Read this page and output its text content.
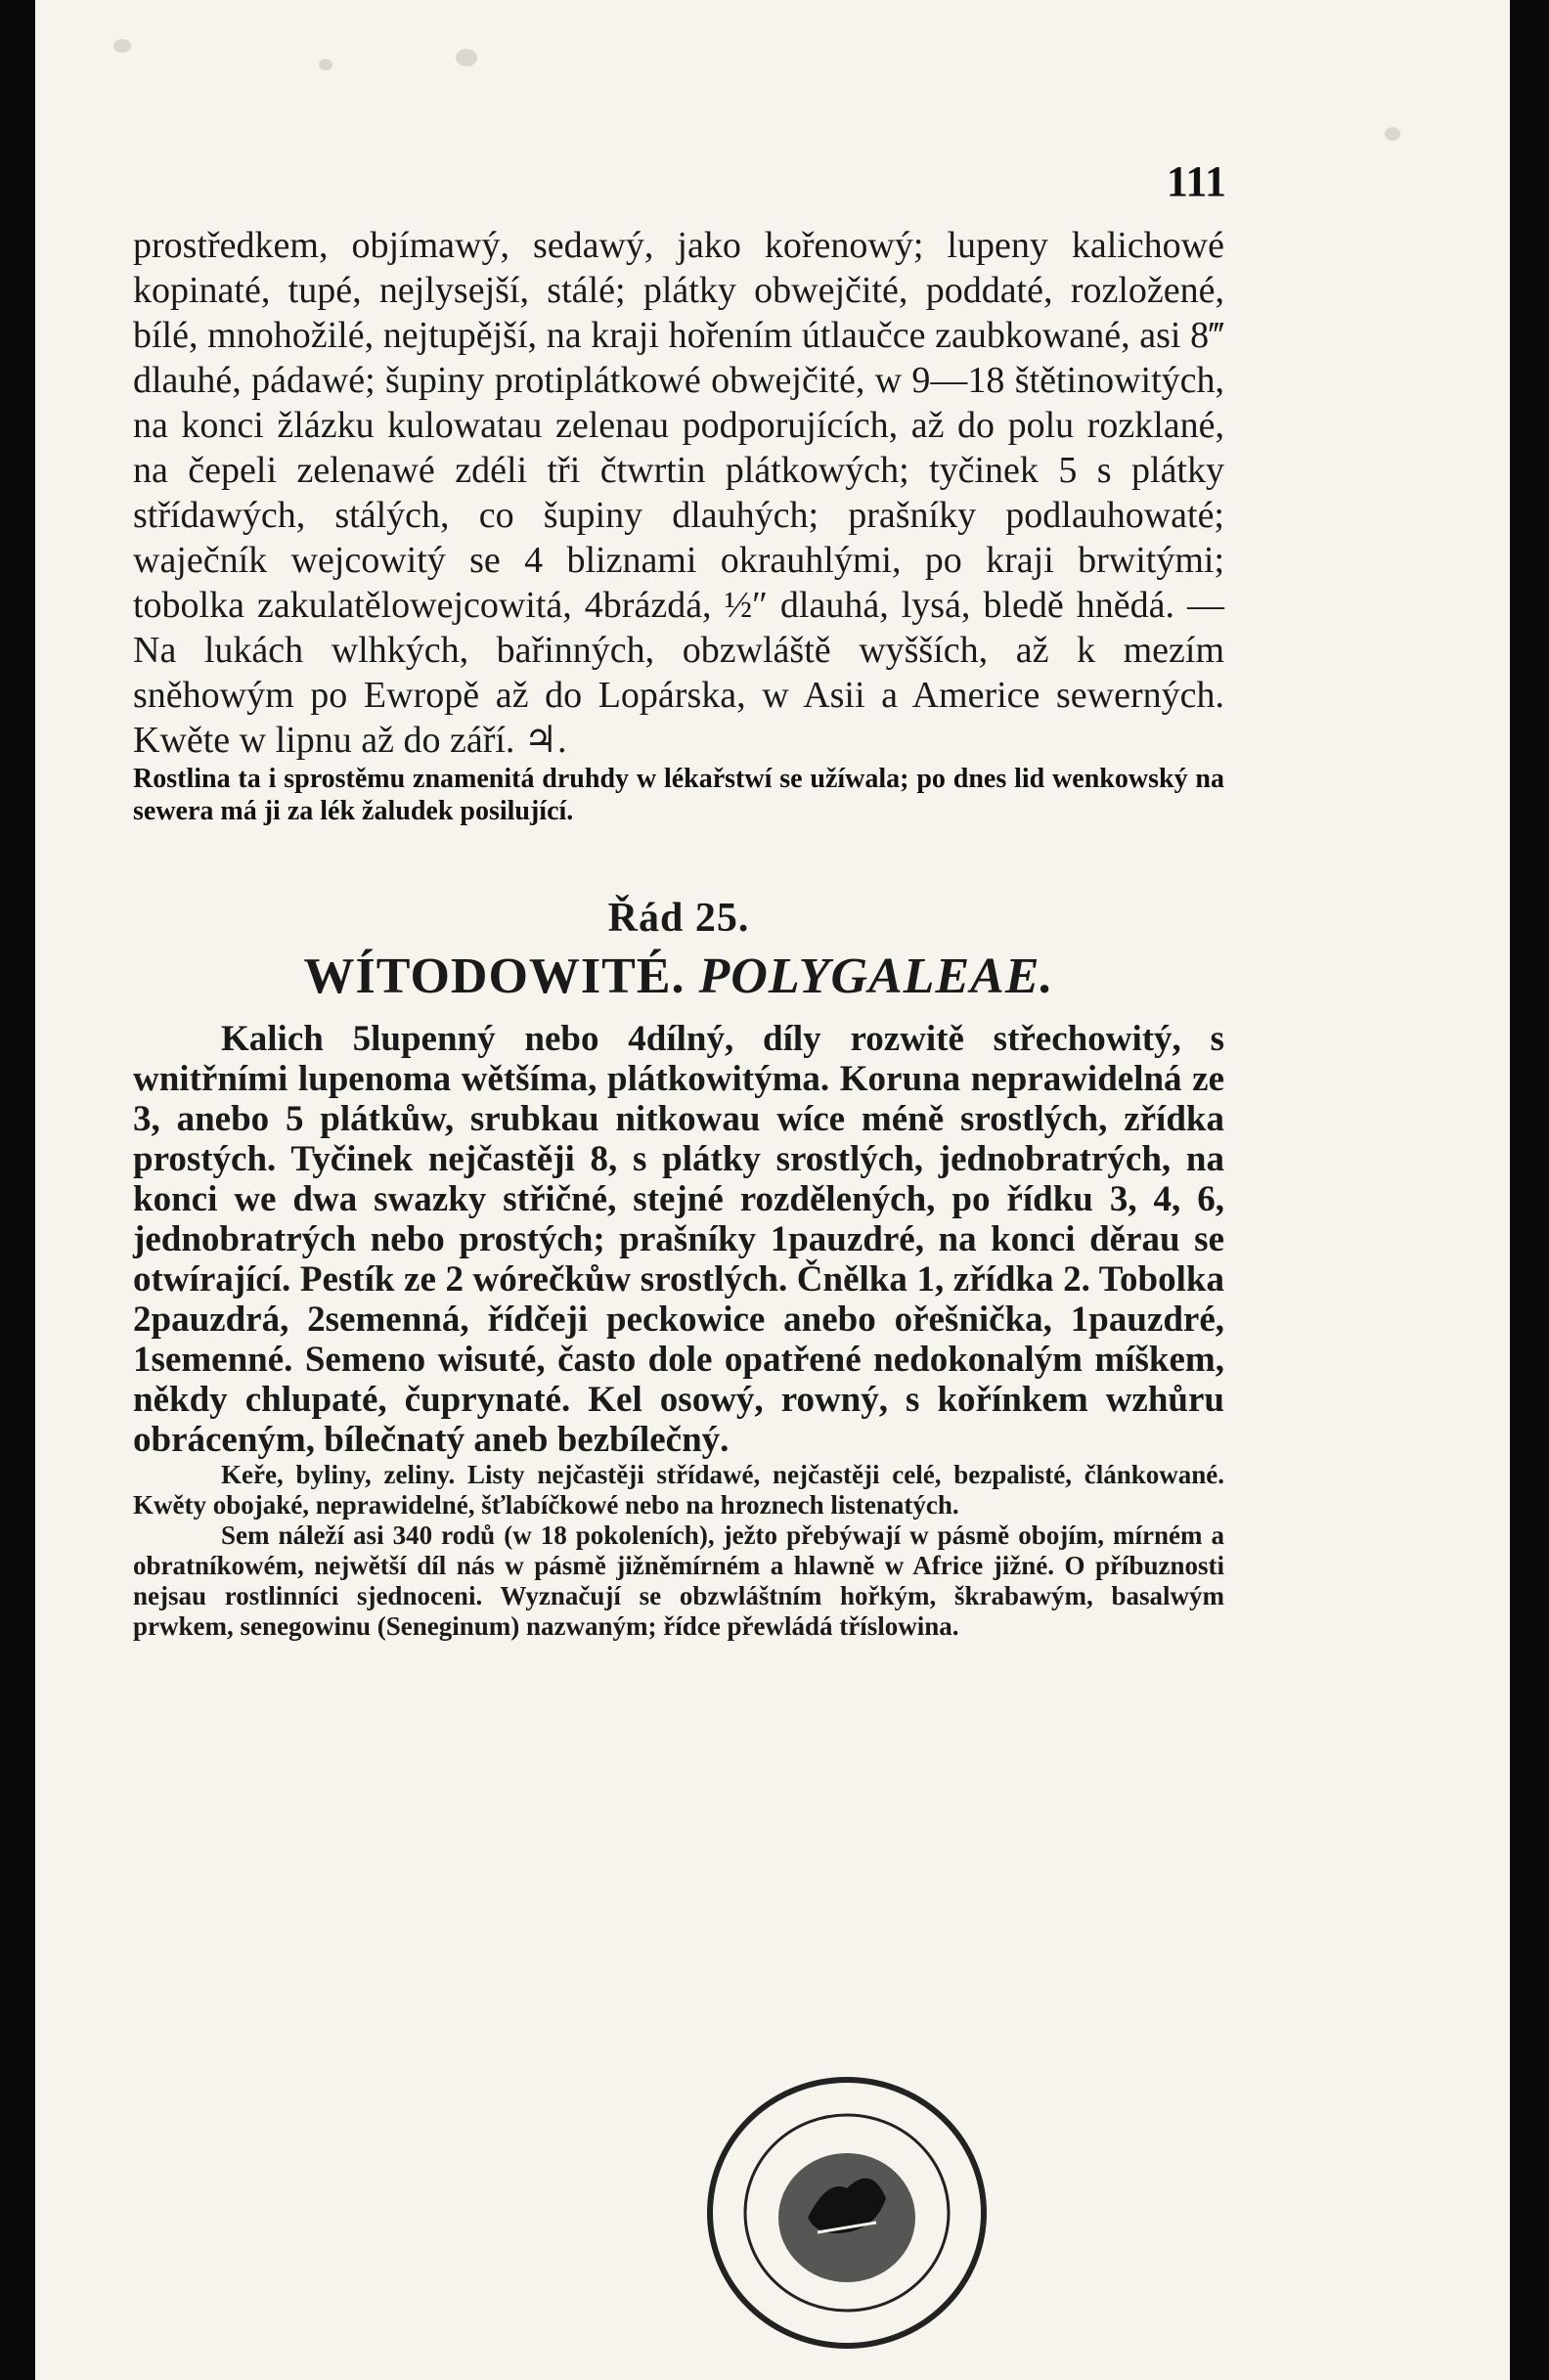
111

prostředkem, objímawý, sedawý, jako kořenowý; lupeny kalichowé kopinaté, tupé, nejlysejší, stálé; plátky obwejčité, poddaté, rozložené, bílé, mnohožilé, nejtupější, na kraji hořením útlaučce zaubkowané, asi 8‴ dlauhé, pádawé; šupiny protiplátkowé obwejčité, w 9—18 štětinowitých, na konci žlázku kulowatau zelenau podporujících, až do polu rozklané, na čepeli zelenawé zdéli tři čtwrtin plátkowých; tyčinek 5 s plátky střídawých, stálých, co šupiny dlauhých; prašníky podlauhowaté; waječník wejcowitý se 4 bliznami okrauhlými, po kraji brwitými; tobolka zakulatělowejcowitá, 4brázdá, ½″ dlauhá, lysá, bledě hnědá. — Na lukách wlhkých, bařinných, obzwláště wyšších, až k mezím sněhowým po Ewropě až do Lopárska, w Asii a Americe sewerných. Kwěte w lipnu až do září. ♃.

Rostlina ta i sprostěmu znamenitá druhdy w lékařstwí se užíwala; po dnes lid wenkowský na sewera má ji za lék žaludek posilující.

Řád 25.
WÍTODOWITÉ. POLYGALEAE.

Kalich 5lupenný nebo 4dílný, díly rozwitě střechowitý, s wnitřními lupenoma wětšíma, plátkowitýma. Koruna neprawidelná ze 3, anebo 5 plátkůw, srubkau nitkowau wíce méně srostlých, zřídka prostých. Tyčinek nejčastěji 8, s plátky srostlých, jednobratrých, na konci we dwa swazky střičné, stejné rozdělených, po řídku 3, 4, 6, jednobratrých nebo prostých; prašníky 1pauzdré, na konci děrau se otwírající. Pestík ze 2 wórečkůw srostlých. Čnělka 1, zřídka 2. Tobolka 2pauzdrá, 2semenná, řídčeji peckowice anebo ořešnička, 1pauzdré, 1semenné. Semeno wisuté, často dole opatřené nedokonalým míškem, někdy chlupaté, čuprynaté. Kel osowý, rowný, s kořínkem wzhůru obráceným, bílečnatý aneb bezbílečný.

Keře, byliny, zeliny. Listy nejčastěji střídawé, nejčastěji celé, bezpalisté, článkowané. Kwěty obojaké, neprawidelné, šťlabíčkowé nebo na hroznech listenatých.

Sem náleží asi 340 rodů (w 18 pokoleních), ježto přebýwají w pásmě obojím, mírném a obratníkowém, nejwětší díl nás w pásmě jižněmírném a hlawně w Africe jižné. O příbuznosti nejsau rostlinníci sjednoceni. Wyznačují se obzwláštním hořkým, škrabawým, basalwým prwkem, senegowinu (Seneginum) nazwaným; řídce přewládá tříslowina.
